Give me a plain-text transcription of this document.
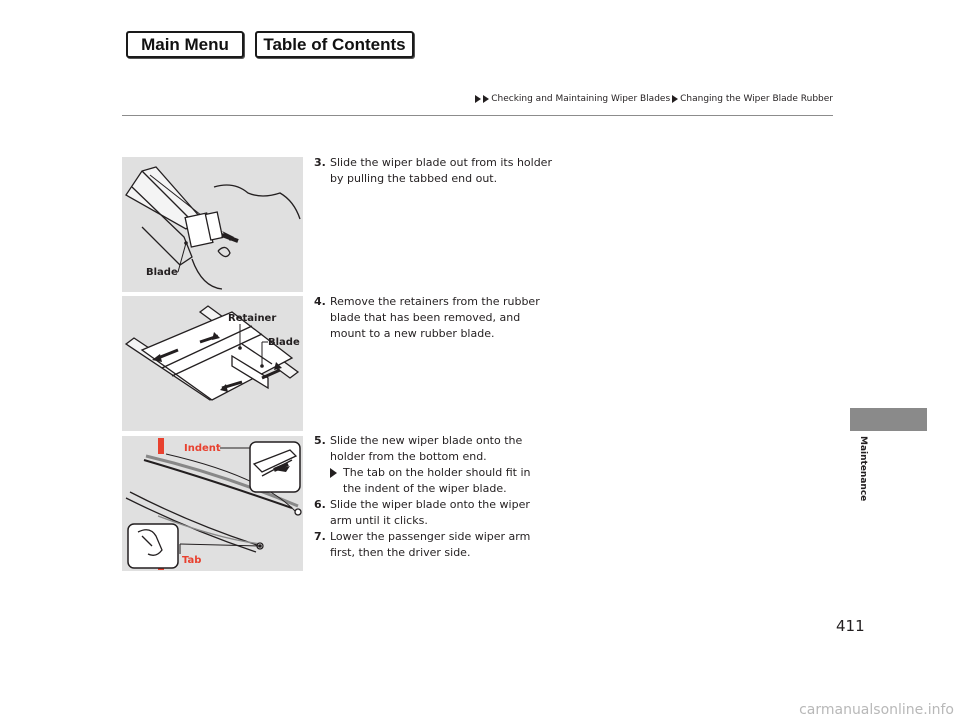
Main Menu	Table of Contents
Checking and Maintaining Wiper Blades Changing the Wiper Blade Rubber
Maintenance
Blade
Retainer
Blade
Indent
Tab
3. Slide the wiper blade out from its holder by pulling the tabbed end out.
4. Remove the retainers from the rubber blade that has been removed, and mount to a new rubber blade.
5. Slide the new wiper blade onto the holder from the bottom end.
The tab on the holder should fit in the indent of the wiper blade.
6. Slide the wiper blade onto the wiper arm until it clicks.
7. Lower the passenger side wiper arm first, then the driver side.
411
carmanualsonline.info
